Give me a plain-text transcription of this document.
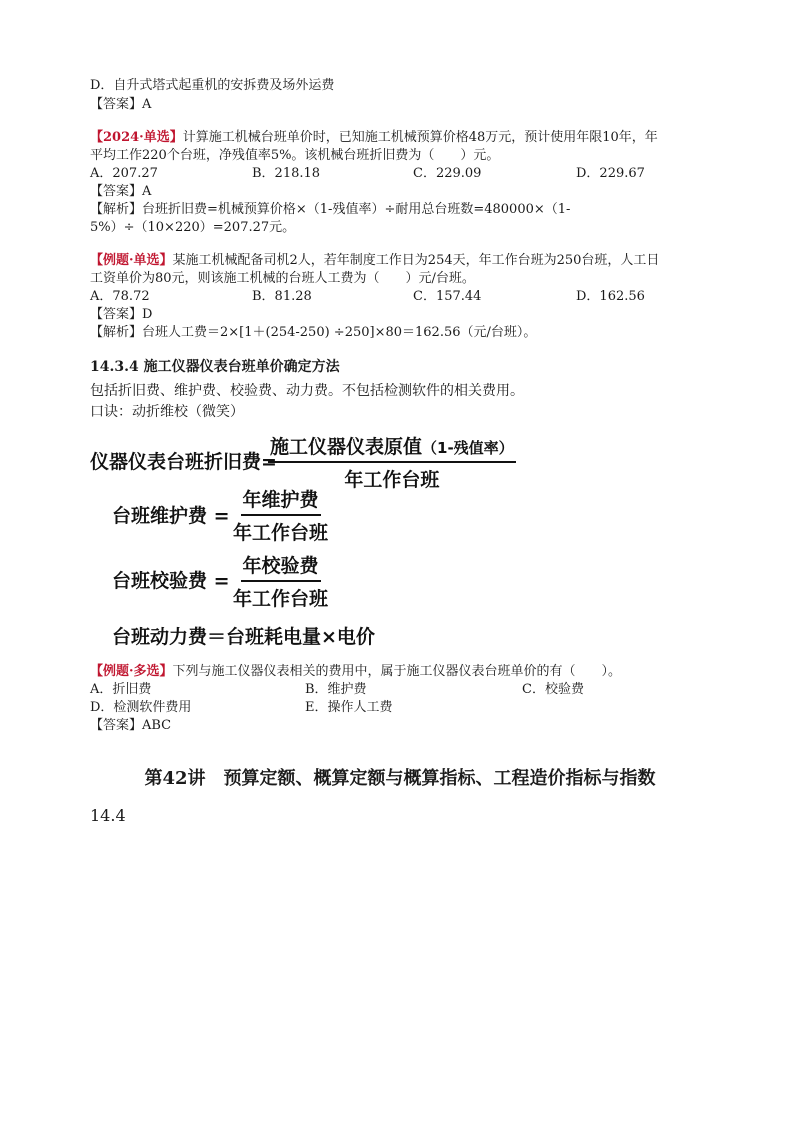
D．自升式塔式起重机的安拆费及场外运费
【答案】A
【2024·单选】计算施工机械台班单价时，已知施工机械预算价格48万元，预计使用年限10年，年
平均工作220个台班，净残值率5%。该机械台班折旧费为（　　）元。
A．207.27	B．218.18	C．229.09	D．229.67
【答案】A
【解析】台班折旧费=机械预算价格×（1-残值率）÷耐用总台班数=480000×（1-
5%）÷（10×220）=207.27元。
【例题·单选】某施工机械配备司机2人，若年制度工作日为254天，年工作台班为250台班，人工日
工资单价为80元，则该施工机械的台班人工费为（　　）元/台班。
A．78.72	B．81.28	C．157.44	D．162.56
【答案】D
【解析】台班人工费＝2×[1＋(254-250) ÷250]×80＝162.56（元/台班）。
14.3.4 施工仪器仪表台班单价确定方法
包括折旧费、维护费、校验费、动力费。不包括检测软件的相关费用。
口诀：动折维校（微笑）
仪器仪表台班折旧费=
施工仪器仪表原值（1-残值率）
年工作台班
台班维护费 =
年维护费
年工作台班
台班校验费 =
年校验费
年工作台班
台班动力费＝台班耗电量×电价
【例题·多选】下列与施工仪器仪表相关的费用中，属于施工仪器仪表台班单价的有（　　）。
A．折旧费	B．维护费	C．校验费
D．检测软件费用	E．操作人工费
【答案】ABC
第42讲　预算定额、概算定额与概算指标、工程造价指标与指数
14.4
